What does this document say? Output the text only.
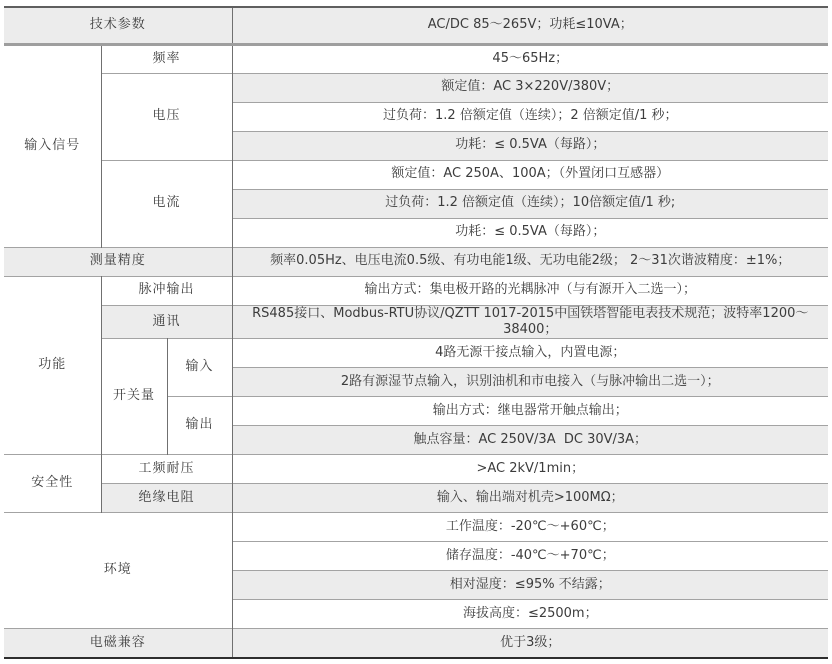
技术参数			AC/DC 85～265V；功耗≤10VA；
输入信号	频率		45～65Hz；
	电压		额定值：AC 3×220V/380V；
			过负荷：1.2 倍额定值（连续）；2 倍额定值/1 秒；
			功耗：≤ 0.5VA（每路）；
	电流		额定值：AC 250A、100A；（外置闭口互感器）
			过负荷：1.2 倍额定值（连续）；10倍额定值/1 秒;
			功耗：≤ 0.5VA（每路）；
测量精度			频率0.05Hz、电压电流0.5级、有功电能1级、无功电能2级； 2～31次谐波精度：±1%；
功能	脉冲输出		输出方式：集电极开路的光耦脉冲（与有源开入二选一）；
	通讯		RS485接口、Modbus-RTU协议/QZTT 1017-2015中国铁塔智能电表技术规范；波特率1200～38400；
	开关量	输入	4路无源干接点输入，内置电源；
			2路有源湿节点输入，识别油机和市电接入（与脉冲输出二选一）；
		输出	输出方式：继电器常开触点输出；
			触点容量：AC 250V/3A  DC 30V/3A；
安全性	工频耐压		>AC 2kV/1min；
	绝缘电阻		输入、输出端对机壳>100MΩ；
环境			工作温度：-20℃～+60℃；
			储存温度：-40℃～+70℃；
			相对湿度：≤95% 不结露；
			海拔高度：≤2500m；
电磁兼容			优于3级；
